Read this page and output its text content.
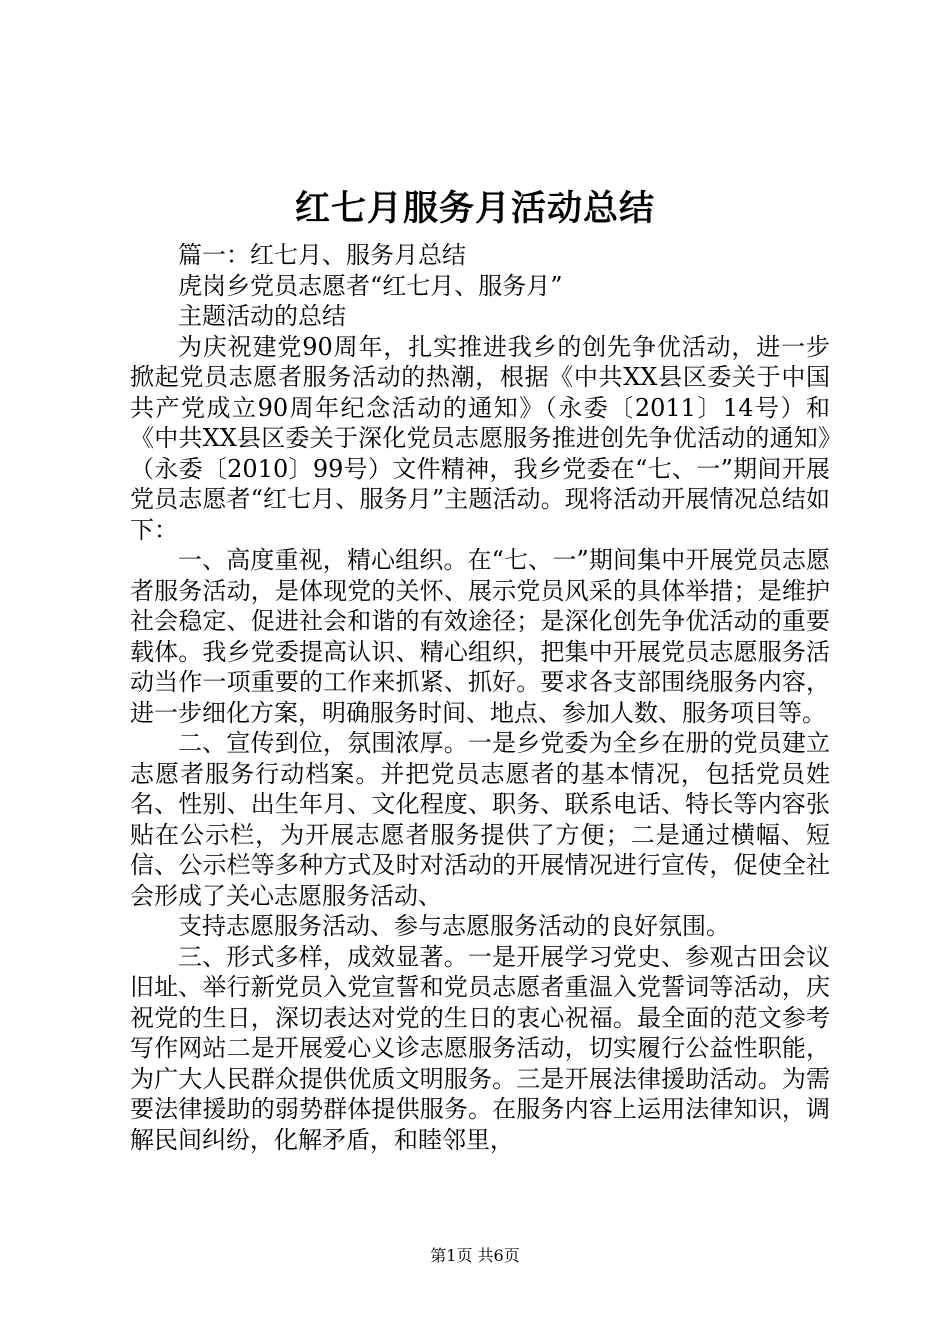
红七月服务月活动总结

篇一：红七月、服务月总结

虎岗乡党员志愿者“红七月、服务月”

主题活动的总结

为庆祝建党90周年，扎实推进我乡的创先争优活动，进一步掀起党员志愿者服务活动的热潮，根据《中共XX县区委关于中国共产党成立90周年纪念活动的通知》（永委〔2011〕14号）和《中共XX县区委关于深化党员志愿服务推进创先争优活动的通知》（永委〔2010〕99号）文件精神，我乡党委在“七、一”期间开展党员志愿者“红七月、服务月”主题活动。现将活动开展情况总结如下：

一、高度重视，精心组织。在“七、一”期间集中开展党员志愿者服务活动，是体现党的关怀、展示党员风采的具体举措；是维护社会稳定、促进社会和谐的有效途径；是深化创先争优活动的重要载体。我乡党委提高认识、精心组织，把集中开展党员志愿服务活动当作一项重要的工作来抓紧、抓好。要求各支部围绕服务内容，进一步细化方案，明确服务时间、地点、参加人数、服务项目等。

二、宣传到位，氛围浓厚。一是乡党委为全乡在册的党员建立志愿者服务行动档案。并把党员志愿者的基本情况，包括党员姓名、性别、出生年月、文化程度、职务、联系电话、特长等内容张贴在公示栏，为开展志愿者服务提供了方便；二是通过横幅、短信、公示栏等多种方式及时对活动的开展情况进行宣传，促使全社会形成了关心志愿服务活动、

支持志愿服务活动、参与志愿服务活动的良好氛围。

三、形式多样，成效显著。一是开展学习党史、参观古田会议旧址、举行新党员入党宣誓和党员志愿者重温入党誓词等活动，庆祝党的生日，深切表达对党的生日的衷心祝福。最全面的范文参考写作网站二是开展爱心义诊志愿服务活动，切实履行公益性职能，为广大人民群众提供优质文明服务。三是开展法律援助活动。为需要法律援助的弱势群体提供服务。在服务内容上运用法律知识，调解民间纠纷，化解矛盾，和睦邻里，

第1页 共6页
